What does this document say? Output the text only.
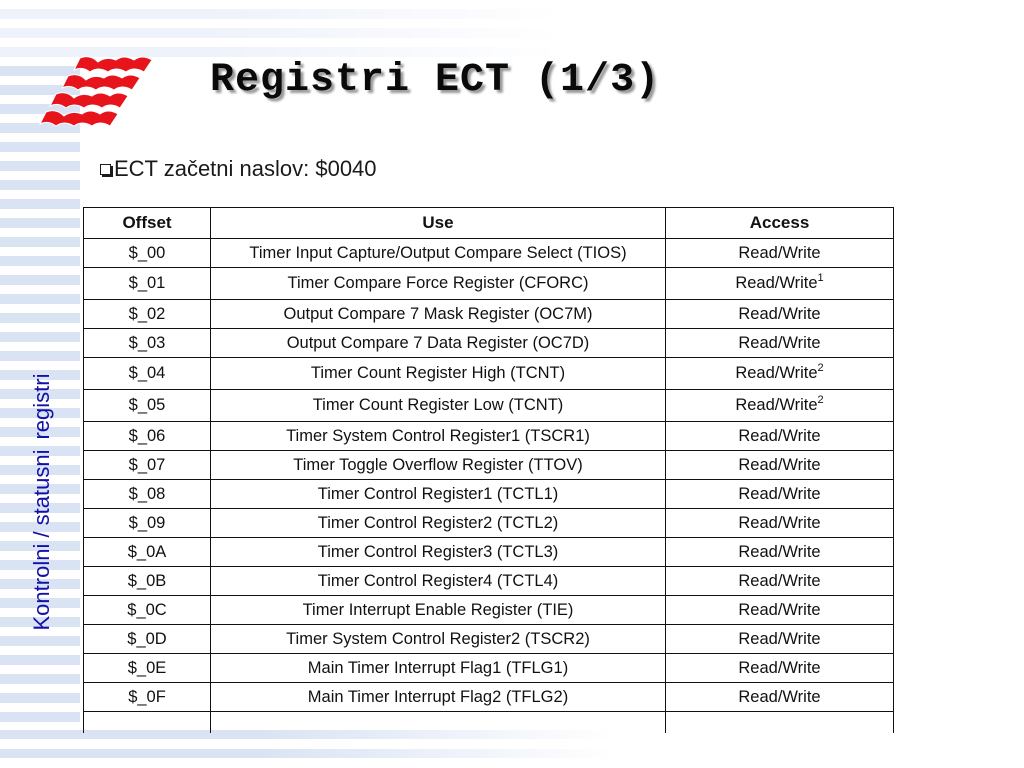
Registri ECT (1/3)
ECT začetni naslov: $0040
Kontrolni / statusniregistri
Offset	Use	Access
$_00	Timer Input Capture/Output Compare Select (TIOS)	Read/Write
$_01	Timer Compare Force Register (CFORC)	Read/Write$^1$
$_02	Output Compare 7 Mask Register (OC7M)	Read/Write
$_03	Output Compare 7 Data Register (OC7D)	Read/Write
$_04	Timer Count Register High (TCNT)	Read/Write$^2$
$_05	Timer Count Register Low (TCNT)	Read/Write$^2$
$_06	Timer System Control Register1 (TSCR1)	Read/Write
$_07	Timer Toggle Overflow Register (TTOV)	Read/Write
$_08	Timer Control Register1 (TCTL1)	Read/Write
$_09	Timer Control Register2 (TCTL2)	Read/Write
$_0A	Timer Control Register3 (TCTL3)	Read/Write
$_0B	Timer Control Register4 (TCTL4)	Read/Write
$_0C	Timer Interrupt Enable Register (TIE)	Read/Write
$_0D	Timer System Control Register2 (TSCR2)	Read/Write
$_0E	Main Timer Interrupt Flag1 (TFLG1)	Read/Write
$_0F	Main Timer Interrupt Flag2 (TFLG2)	Read/Write
